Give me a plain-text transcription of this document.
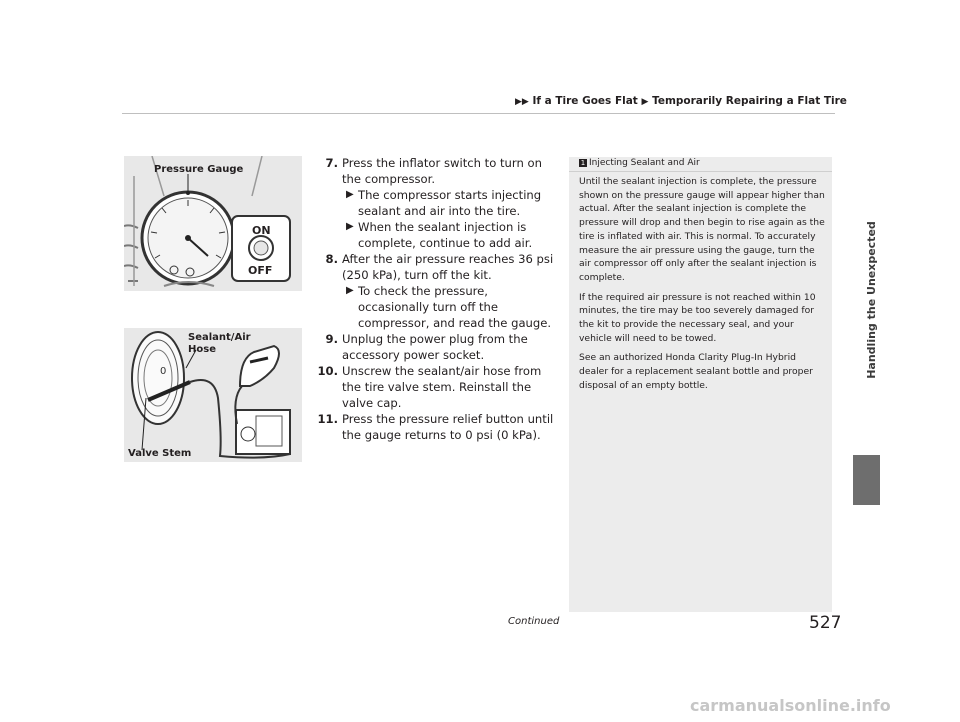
▶▶ If a Tire Goes Flat ▶ Temporarily Repairing a Flat Tire
Handling the Unexpected
Pressure Gauge
ON
OFF
0
Sealant/Air
Hose
Valve Stem
7. Press the inflator switch to turn on the compressor.
▶ The compressor starts injecting sealant and air into the tire.
▶ When the sealant injection is complete, continue to add air.
8. After the air pressure reaches 36 psi (250 kPa), turn off the kit.
▶ To check the pressure, occasionally turn off the compressor, and read the gauge.
9. Unplug the power plug from the accessory power socket.
10. Unscrew the sealant/air hose from the tire valve stem. Reinstall the valve cap.
11. Press the pressure relief button until the gauge returns to 0 psi (0 kPa).
1 Injecting Sealant and Air

Until the sealant injection is complete, the pressure shown on the pressure gauge will appear higher than actual. After the sealant injection is complete the pressure will drop and then begin to rise again as the tire is inflated with air. This is normal. To accurately measure the air pressure using the gauge, turn the air compressor off only after the sealant injection is complete.

If the required air pressure is not reached within 10 minutes, the tire may be too severely damaged for the kit to provide the necessary seal, and your vehicle will need to be towed.

See an authorized Honda Clarity Plug-In Hybrid dealer for a replacement sealant bottle and proper disposal of an empty bottle.

Continued	527
carmanualsonline.info
